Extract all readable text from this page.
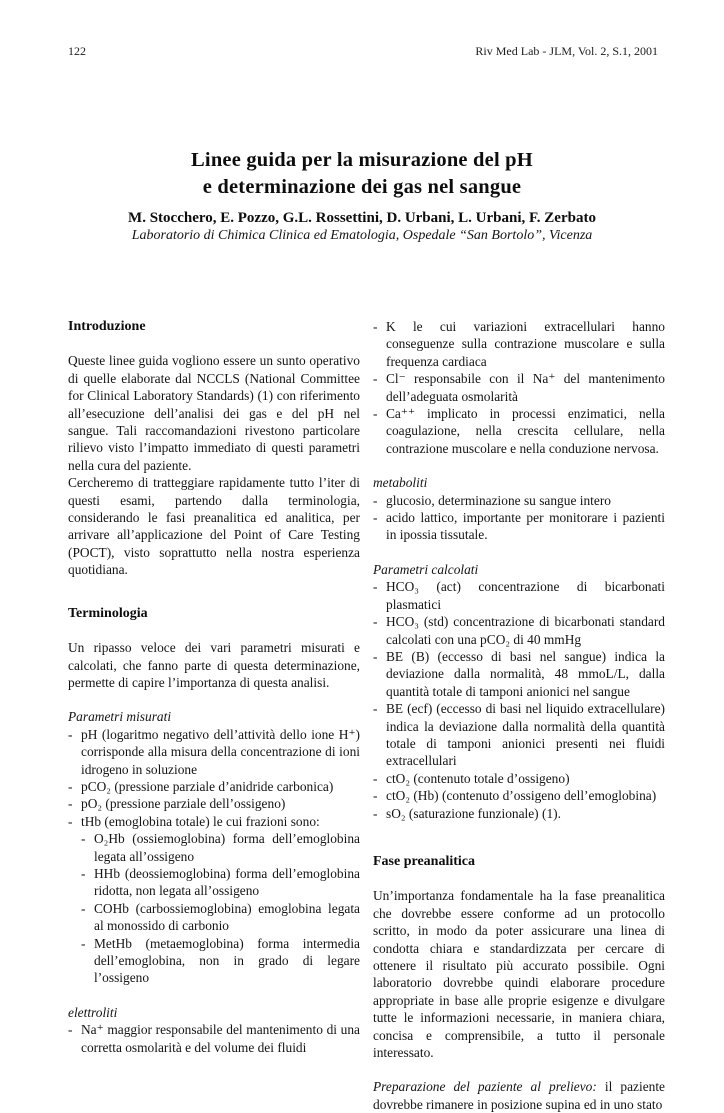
122	Riv Med Lab - JLM, Vol. 2, S.1, 2001
Linee guida per la misurazione del pH
e determinazione dei gas nel sangue
M. Stocchero, E. Pozzo, G.L. Rossettini, D. Urbani, L. Urbani, F. Zerbato
Laboratorio di Chimica Clinica ed Ematologia, Ospedale “San Bortolo”, Vicenza
Introduzione

Queste linee guida vogliono essere un sunto operativo di quelle elaborate dal NCCLS (National Committee for Clinical Laboratory Standards) (1) con riferimento all’esecuzione dell’analisi dei gas e del pH nel sangue. Tali raccomandazioni rivestono particolare rilievo visto l’impatto immediato di questi parametri nella cura del paziente.

Cercheremo di tratteggiare rapidamente tutto l’iter di questi esami, partendo dalla terminologia, considerando le fasi preanalitica ed analitica, per arrivare all’applicazione del Point of Care Testing (POCT), visto soprattutto nella nostra esperienza quotidiana.

Terminologia

Un ripasso veloce dei vari parametri misurati e calcolati, che fanno parte di questa determinazione, permette di capire l’importanza di questa analisi.

Parametri misurati
- pH (logaritmo negativo dell’attività dello ione H⁺) corrisponde alla misura della concentrazione di ioni idrogeno in soluzione
- pCO₂ (pressione parziale d’anidride carbonica)
- pO₂ (pressione parziale dell’ossigeno)
- tHb (emoglobina totale) le cui frazioni sono:
- O₂Hb (ossiemoglobina) forma dell’emoglobina legata all’ossigeno
- HHb (deossiemoglobina) forma dell’emoglobina ridotta, non legata all’ossigeno
- COHb (carbossiemoglobina) emoglobina legata al monossido di carbonio
- MetHb (metaemoglobina) forma intermedia dell’emoglobina, non in grado di legare l’ossigeno
elettroliti
- Na⁺ maggior responsabile del mantenimento di una corretta osmolarità e del volume dei fluidi
- K le cui variazioni extracellulari hanno conseguenze sulla contrazione muscolare e sulla frequenza cardiaca
- Cl⁻ responsabile con il Na⁺ del mantenimento dell’adeguata osmolarità
- Ca⁺⁺ implicato in processi enzimatici, nella coagulazione, nella crescita cellulare, nella contrazione muscolare e nella conduzione nervosa.
metaboliti
- glucosio, determinazione su sangue intero
- acido lattico, importante per monitorare i pazienti in ipossia tissutale.
Parametri calcolati
- HCO₃ (act) concentrazione di bicarbonati plasmatici
- HCO₃ (std) concentrazione di bicarbonati standard calcolati con una pCO₂ di 40 mmHg
- BE (B) (eccesso di basi nel sangue) indica la deviazione dalla normalità, 48 mmoL/L, dalla quantità totale di tamponi anionici nel sangue
- BE (ecf) (eccesso di basi nel liquido extracellulare) indica la deviazione dalla normalità della quantità totale di tamponi anionici presenti nei fluidi extracellulari
- ctO₂ (contenuto totale d’ossigeno)
- ctO₂ (Hb) (contenuto d’ossigeno dell’emoglobina)
- sO₂ (saturazione funzionale) (1).
Fase preanalitica

Un’importanza fondamentale ha la fase preanalitica che dovrebbe essere conforme ad un protocollo scritto, in modo da poter assicurare una linea di condotta chiara e standardizzata per cercare di ottenere il risultato più accurato possibile. Ogni laboratorio dovrebbe quindi elaborare procedure appropriate in base alle proprie esigenze e divulgare tutte le informazioni necessarie, in maniera chiara, concisa e comprensibile, a tutto il personale interessato.

Preparazione del paziente al prelievo: il paziente dovrebbe rimanere in posizione supina ed in uno stato
